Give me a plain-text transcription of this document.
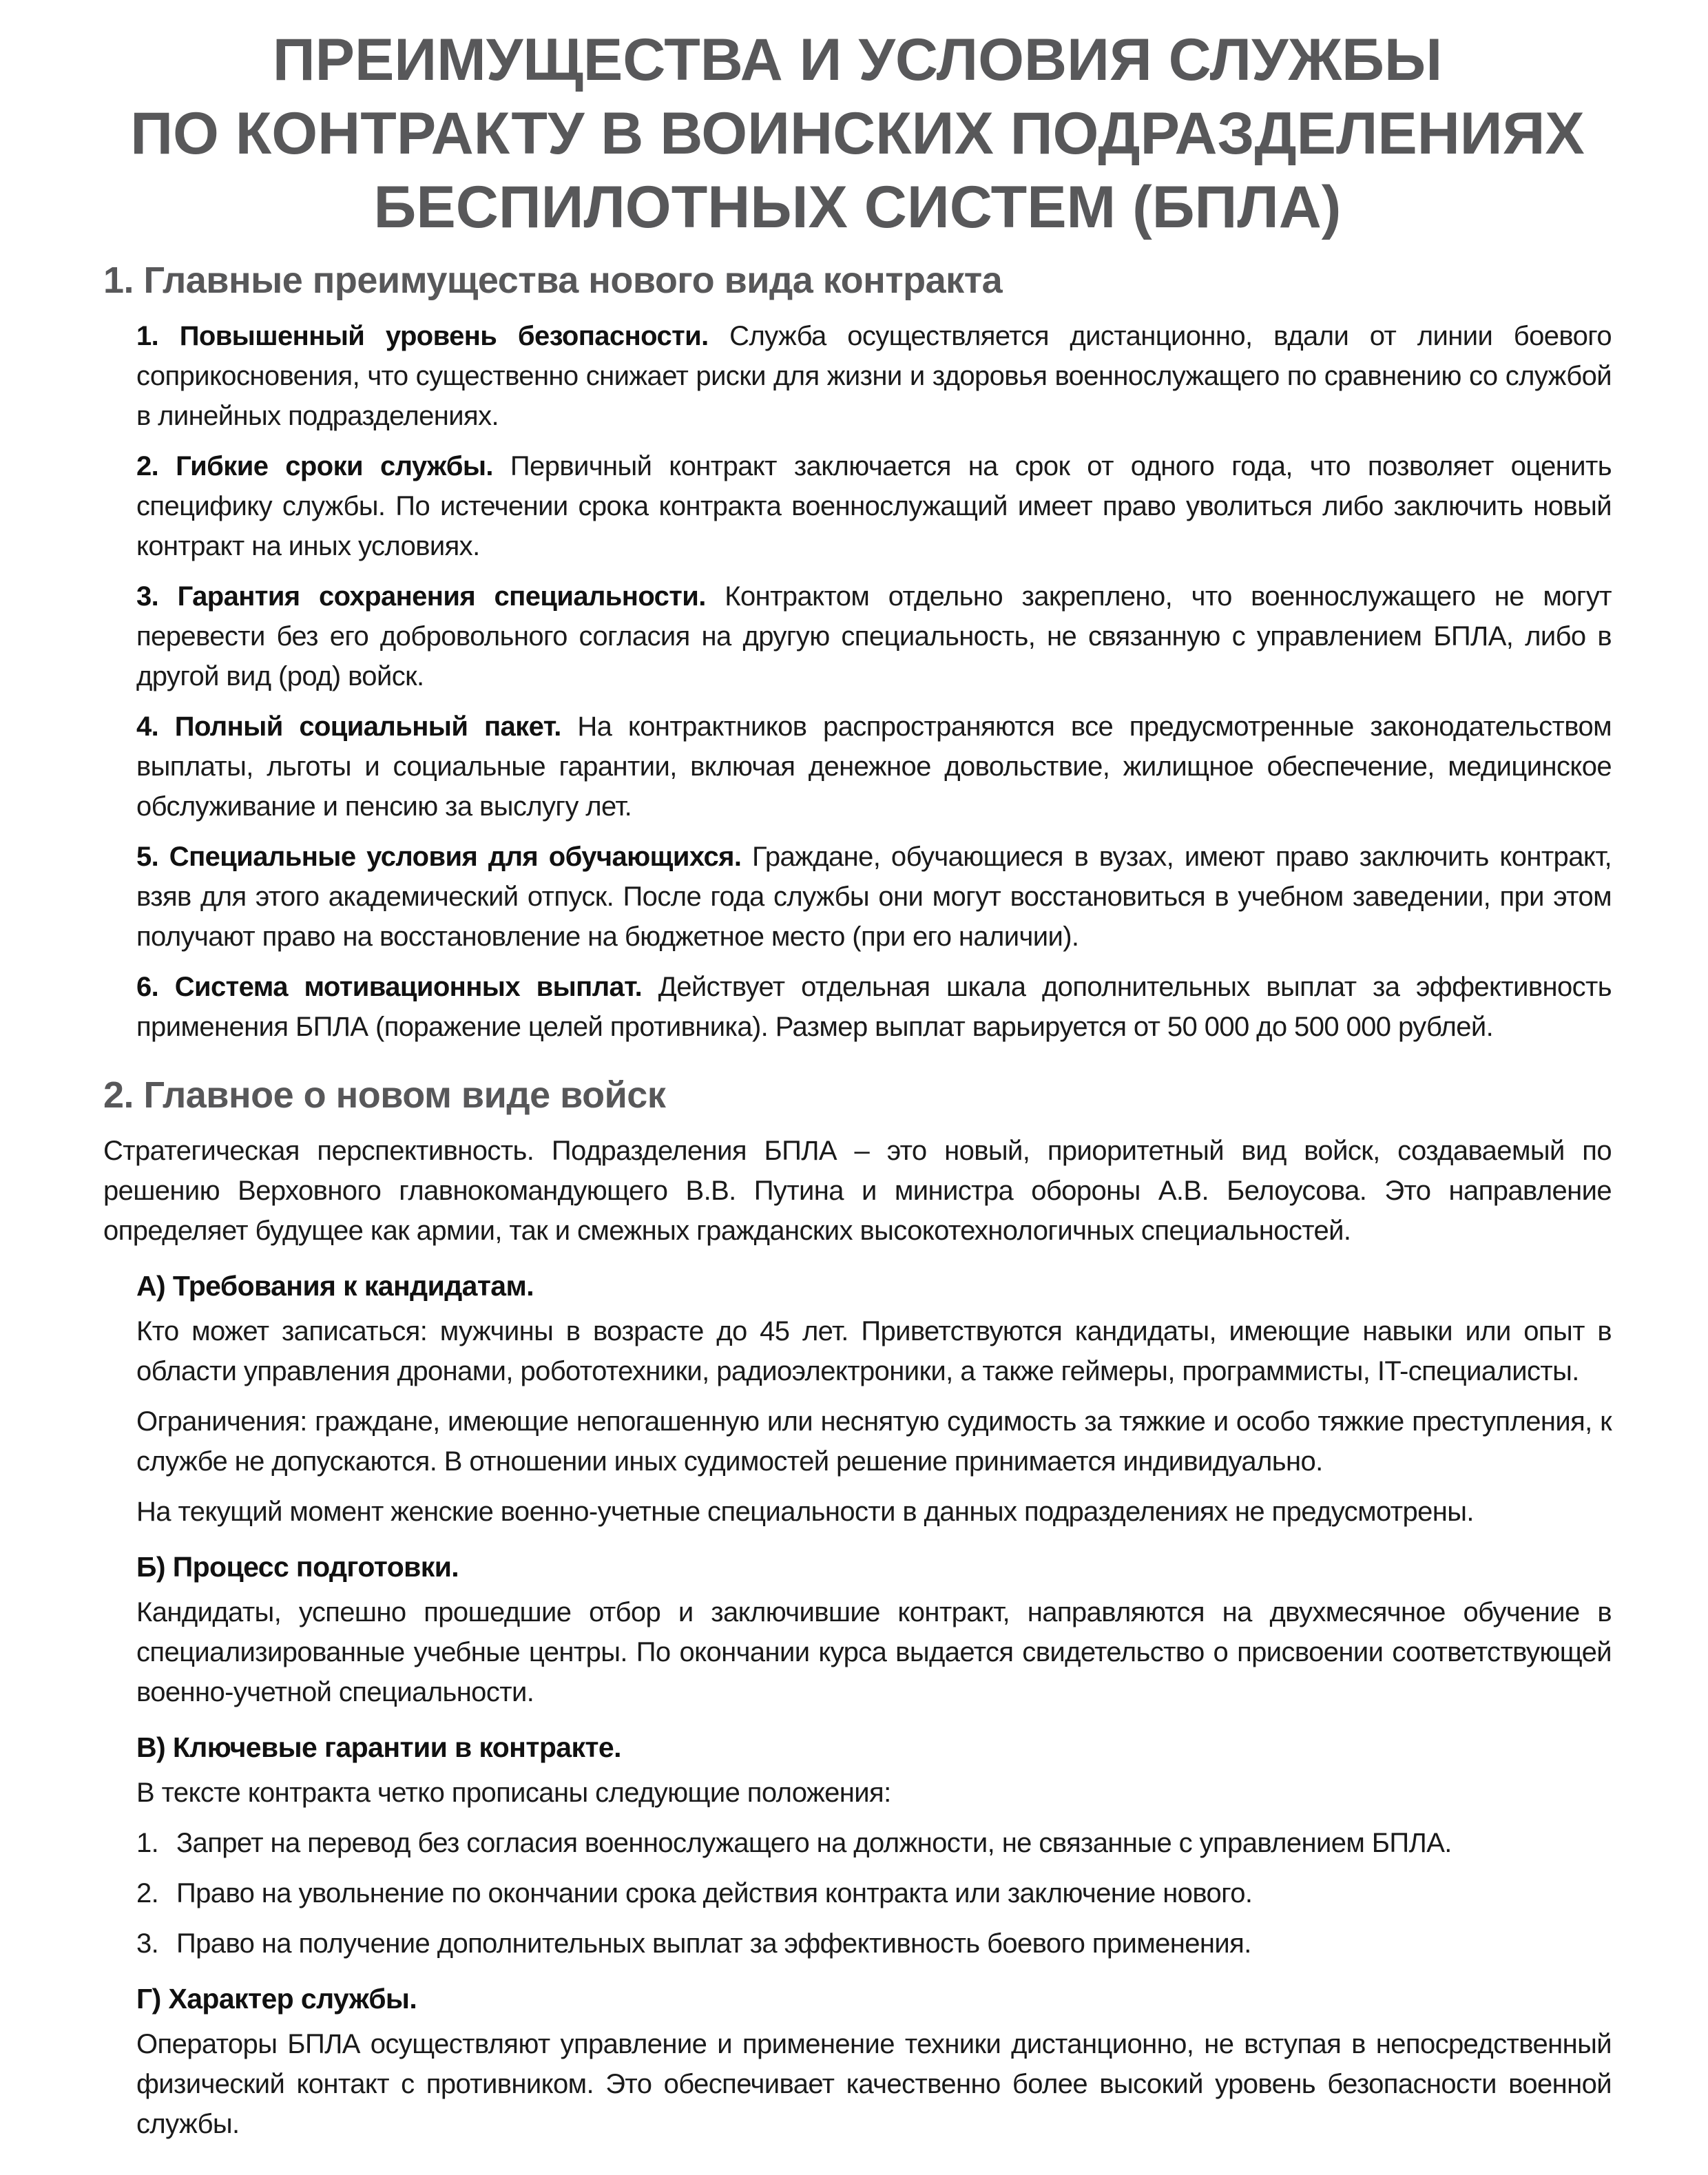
ПРЕИМУЩЕСТВА И УСЛОВИЯ СЛУЖБЫ
ПО КОНТРАКТУ В ВОИНСКИХ ПОДРАЗДЕЛЕНИЯХ
БЕСПИЛОТНЫХ СИСТЕМ (БПЛА)
1. Главные преимущества нового вида контракта

1. Повышенный уровень безопасности. Служба осуществляется дистанционно, вдали от линии боевого соприкосновения, что существенно снижает риски для жизни и здоровья военнослужащего по сравнению со службой в линейных подразделениях.

2. Гибкие сроки службы. Первичный контракт заключается на срок от одного года, что позволяет оценить специфику службы. По истечении срока контракта военнослужащий имеет право уволиться либо заключить новый контракт на иных условиях.

3. Гарантия сохранения специальности. Контрактом отдельно закреплено, что военнослужащего не могут перевести без его добровольного согласия на другую специальность, не связанную с управлением БПЛА, либо в другой вид (род) войск.

4. Полный социальный пакет. На контрактников распространяются все предусмотренные законодательством выплаты, льготы и социальные гарантии, включая денежное довольствие, жилищное обеспечение, медицинское обслуживание и пенсию за выслугу лет.

5. Специальные условия для обучающихся. Граждане, обучающиеся в вузах, имеют право заключить контракт, взяв для этого академический отпуск. После года службы они могут восстановиться в учебном заведении, при этом получают право на восстановление на бюджетное место (при его наличии).

6. Система мотивационных выплат. Действует отдельная шкала дополнительных выплат за эффективность применения БПЛА (поражение целей противника). Размер выплат варьируется от 50 000 до 500 000 рублей.

2. Главное о новом виде войск

Стратегическая перспективность. Подразделения БПЛА – это новый, приоритетный вид войск, создаваемый по решению Верховного главнокомандующего В.В. Путина и министра обороны А.В. Белоусова. Это направление определяет будущее как армии, так и смежных гражданских высокотехнологичных специальностей.

А) Требования к кандидатам.

Кто может записаться: мужчины в возрасте до 45 лет. Приветствуются кандидаты, имеющие навыки или опыт в области управления дронами, робототехники, радиоэлектроники, а также геймеры, программисты, IT-специалисты.

Ограничения: граждане, имеющие непогашенную или неснятую судимость за тяжкие и особо тяжкие преступления, к службе не допускаются. В отношении иных судимостей решение принимается индивидуально.

На текущий момент женские военно-учетные специальности в данных подразделениях не предусмотрены.

Б) Процесс подготовки.

Кандидаты, успешно прошедшие отбор и заключившие контракт, направляются на двухмесячное обучение в специализированные учебные центры. По окончании курса выдается свидетельство о присвоении соответствующей военно-учетной специальности.

В) Ключевые гарантии в контракте.

В тексте контракта четко прописаны следующие положения:

1. Запрет на перевод без согласия военнослужащего на должности, не связанные с управлением БПЛА.
2. Право на увольнение по окончании срока действия контракта или заключение нового.
3. Право на получение дополнительных выплат за эффективность боевого применения.
Г) Характер службы.

Операторы БПЛА осуществляют управление и применение техники дистанционно, не вступая в непосредственный физический контакт с противником. Это обеспечивает качественно более высокий уровень безопасности военной службы.
